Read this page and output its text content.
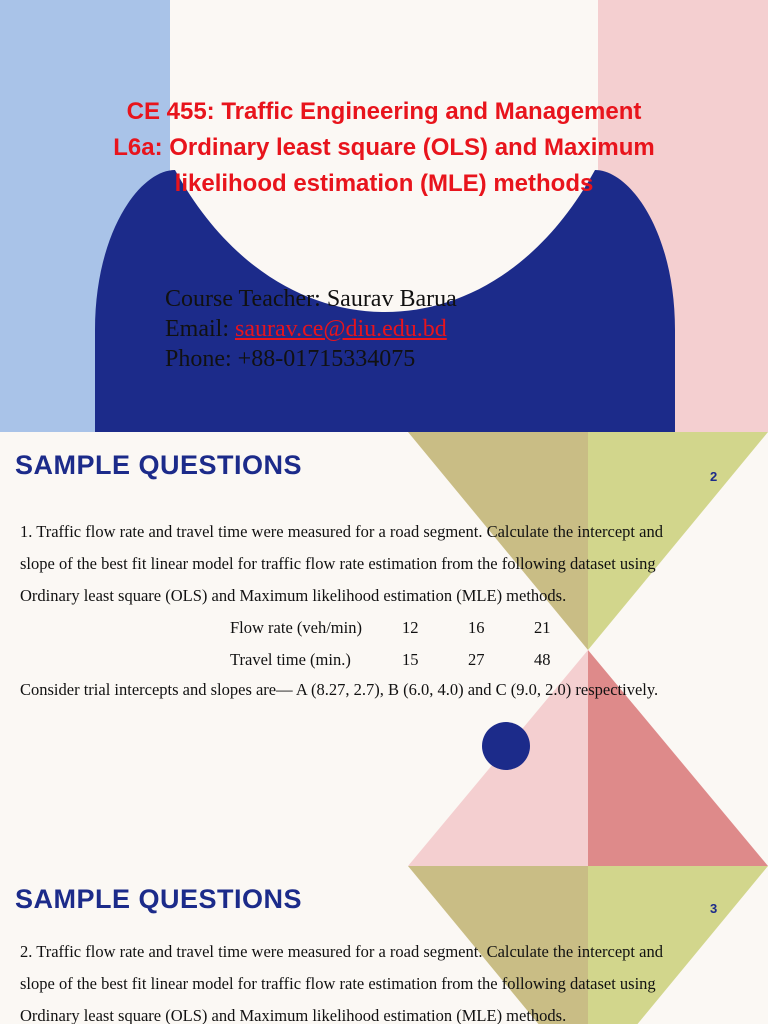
CE 455: Traffic Engineering and Management
L6a: Ordinary least square (OLS) and Maximum
likelihood estimation (MLE) methods
Course Teacher: Saurav Barua
Email: saurav.ce@diu.edu.bd
Phone: +88-01715334075
SAMPLE QUESTIONS	2
1. Traffic flow rate and travel time were measured for a road segment. Calculate the intercept and
slope of the best fit linear model for traffic flow rate estimation from the following dataset using
Ordinary least square (OLS) and Maximum likelihood estimation (MLE) methods.
Flow rate (veh/min)	12	16	21
Travel time (min.)	15	27	48
Consider trial intercepts and slopes are— A (8.27, 2.7), B (6.0, 4.0) and C (9.0, 2.0) respectively.
SAMPLE QUESTIONS	3
2. Traffic flow rate and travel time were measured for a road segment. Calculate the intercept and
slope of the best fit linear model for traffic flow rate estimation from the following dataset using
Ordinary least square (OLS) and Maximum likelihood estimation (MLE) methods.
